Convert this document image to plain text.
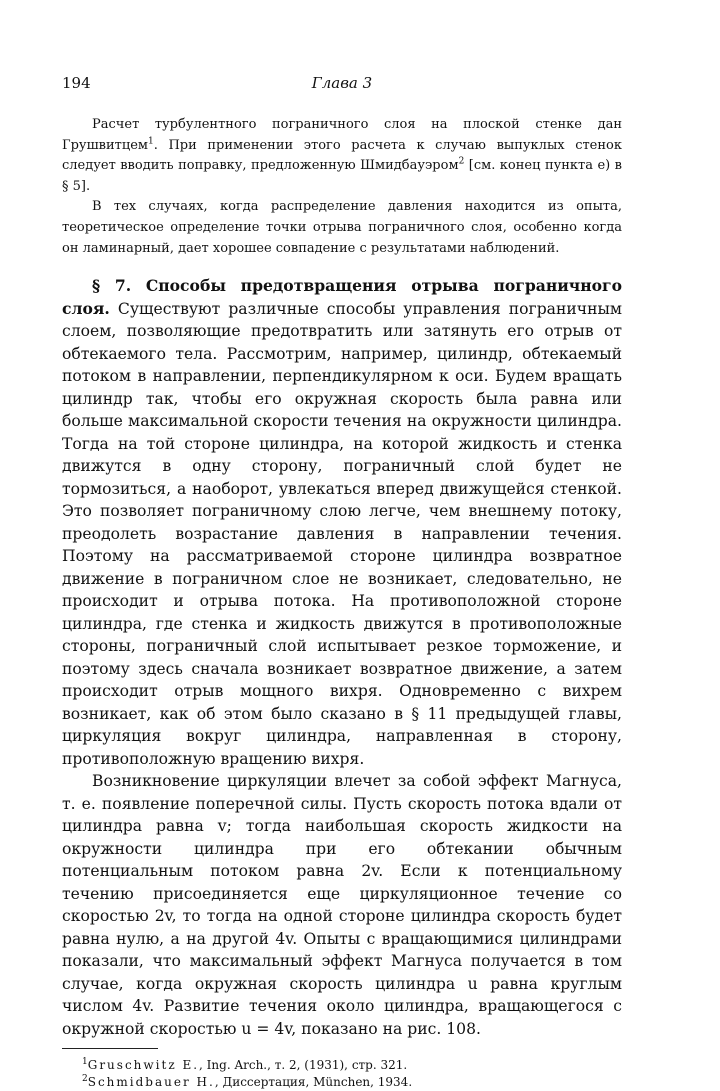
194	Глава 3

Расчет турбулентного пограничного слоя на плоской стенке дан Грушвитцем$^1$. При применении этого расчета к случаю выпуклых стенок следует вводить поправку, предложенную Шмидбауэром$^2$ [см. конец пункта е) в § 5].

В тех случаях, когда распределение давления находится из опыта, теоретическое определение точки отрыва пограничного слоя, особенно когда он ламинарный, дает хорошее совпадение с результатами наблюдений.

§ 7. Способы предотвращения отрыва пограничного слоя. Существуют различные способы управления пограничным слоем, позволяющие предотвратить или затянуть его отрыв от обтекаемого тела. Рассмотрим, например, цилиндр, обтекаемый потоком в направлении, перпендикулярном к оси. Будем вращать цилиндр так, чтобы его окружная скорость была равна или больше максимальной скорости течения на окружности цилиндра. Тогда на той стороне цилиндра, на которой жидкость и стенка движутся в одну сторону, пограничный слой будет не тормозиться, а наоборот, увлекаться вперед движущейся стенкой. Это позволяет пограничному слою легче, чем внешнему потоку, преодолеть возрастание давления в направлении течения. Поэтому на рассматриваемой стороне цилиндра возвратное движение в пограничном слое не возникает, следовательно, не происходит и отрыва потока. На противоположной стороне цилиндра, где стенка и жидкость движутся в противоположные стороны, пограничный слой испытывает резкое торможение, и поэтому здесь сначала возникает возвратное движение, а затем происходит отрыв мощного вихря. Одновременно с вихрем возникает, как об этом было сказано в § 11 предыдущей главы, циркуляция вокруг цилиндра, направленная в сторону, противоположную вращению вихря.

Возникновение циркуляции влечет за собой эффект Магнуса, т. е. появление поперечной силы. Пусть скорость потока вдали от цилиндра равна v; тогда наибольшая скорость жидкости на окружности цилиндра при его обтекании обычным потенциальным потоком равна 2v. Если к потенциальному течению присоединяется еще циркуляционное течение со скоростью 2v, то тогда на одной стороне цилиндра скорость будет равна нулю, а на другой 4v. Опыты с вращающимися цилиндрами показали, что максимальный эффект Магнуса получается в том случае, когда окружная скорость цилиндра u равна круглым числом 4v. Развитие течения около цилиндра, вращающегося с окружной скоростью u = 4v, показано на рис. 108.

$^1$Gruschwitz E., Ing. Arch., т. 2, (1931), стр. 321.
$^2$Schmidbauer H., Диссертация, München, 1934.
